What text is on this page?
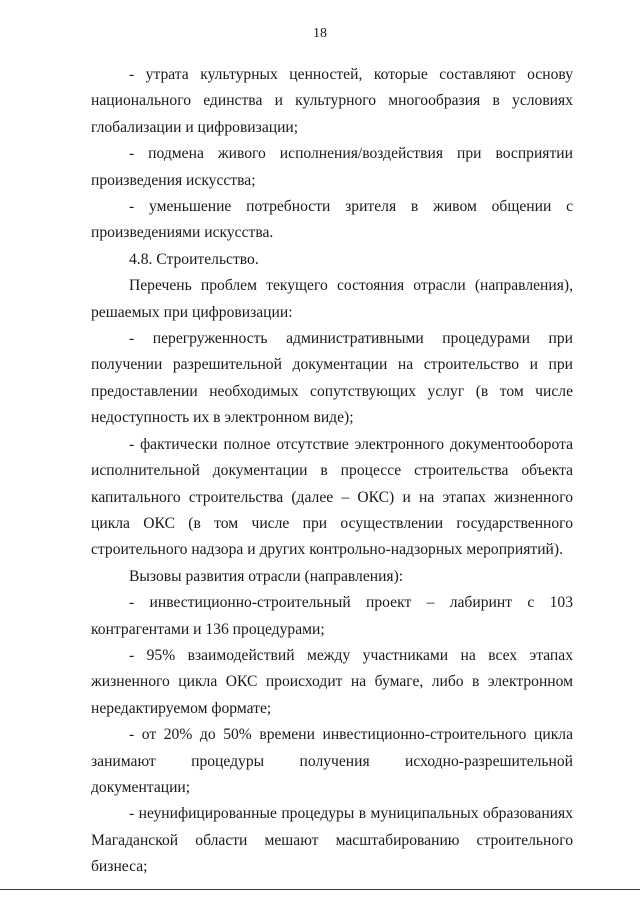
18

- утрата культурных ценностей, которые составляют основу национального единства и культурного многообразия в условиях глобализации и цифровизации;

- подмена живого исполнения/воздействия при восприятии произведения искусства;

- уменьшение потребности зрителя в живом общении с произведениями искусства.

4.8. Строительство.

Перечень проблем текущего состояния отрасли (направления), решаемых при цифровизации:

- перегруженность административными процедурами при получении разрешительной документации на строительство и при предоставлении необходимых сопутствующих услуг (в том числе недоступность их в электронном виде);

- фактически полное отсутствие электронного документооборота исполнительной документации в процессе строительства объекта капитального строительства (далее – ОКС) и на этапах жизненного цикла ОКС (в том числе при осуществлении государственного строительного надзора и других контрольно-надзорных мероприятий).

Вызовы развития отрасли (направления):

- инвестиционно-строительный проект – лабиринт с 103 контрагентами и 136 процедурами;

- 95% взаимодействий между участниками на всех этапах жизненного цикла ОКС происходит на бумаге, либо в электронном нередактируемом формате;

- от 20% до 50% времени инвестиционно-строительного цикла занимают процедуры получения исходно-разрешительной документации;

- неунифицированные процедуры в муниципальных образованиях Магаданской области мешают масштабированию строительного бизнеса;
